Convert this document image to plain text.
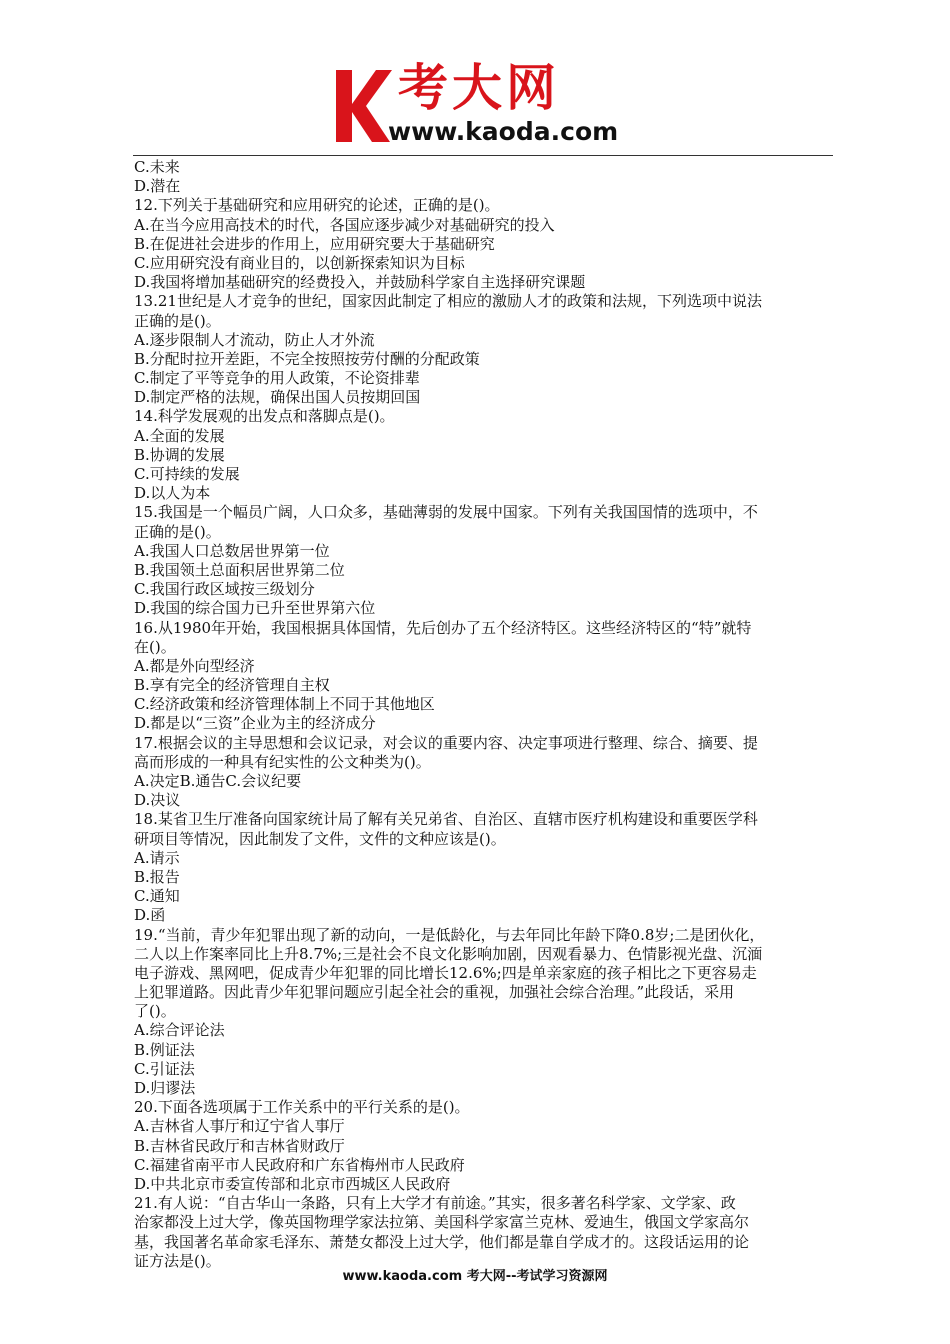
考大网
www.kaoda.com
C.未来
D.潜在
12.下列关于基础研究和应用研究的论述，正确的是()。
A.在当今应用高技术的时代，各国应逐步减少对基础研究的投入
B.在促进社会进步的作用上，应用研究要大于基础研究
C.应用研究没有商业目的，以创新探索知识为目标
D.我国将增加基础研究的经费投入，并鼓励科学家自主选择研究课题
13.21世纪是人才竞争的世纪，国家因此制定了相应的激励人才的政策和法规，下列选项中说法
正确的是()。
A.逐步限制人才流动，防止人才外流
B.分配时拉开差距，不完全按照按劳付酬的分配政策
C.制定了平等竞争的用人政策，不论资排辈
D.制定严格的法规，确保出国人员按期回国
14.科学发展观的出发点和落脚点是()。
A.全面的发展
B.协调的发展
C.可持续的发展
D.以人为本
15.我国是一个幅员广阔，人口众多，基础薄弱的发展中国家。下列有关我国国情的选项中，不
正确的是()。
A.我国人口总数居世界第一位
B.我国领土总面积居世界第二位
C.我国行政区域按三级划分
D.我国的综合国力已升至世界第六位
16.从1980年开始，我国根据具体国情，先后创办了五个经济特区。这些经济特区的“特”就特
在()。
A.都是外向型经济
B.享有完全的经济管理自主权
C.经济政策和经济管理体制上不同于其他地区
D.都是以“三资”企业为主的经济成分
17.根据会议的主导思想和会议记录，对会议的重要内容、决定事项进行整理、综合、摘要、提
高而形成的一种具有纪实性的公文种类为()。
A.决定B.通告C.会议纪要
D.决议
18.某省卫生厅准备向国家统计局了解有关兄弟省、自治区、直辖市医疗机构建设和重要医学科
研项目等情况，因此制发了文件，文件的文种应该是()。
A.请示
B.报告
C.通知
D.函
19.“当前，青少年犯罪出现了新的动向，一是低龄化，与去年同比年龄下降0.8岁;二是团伙化，
二人以上作案率同比上升8.7%;三是社会不良文化影响加剧，因观看暴力、色情影视光盘、沉湎
电子游戏、黑网吧，促成青少年犯罪的同比增长12.6%;四是单亲家庭的孩子相比之下更容易走
上犯罪道路。因此青少年犯罪问题应引起全社会的重视，加强社会综合治理。”此段话，采用
了()。
A.综合评论法
B.例证法
C.引证法
D.归谬法
20.下面各选项属于工作关系中的平行关系的是()。
A.吉林省人事厅和辽宁省人事厅
B.吉林省民政厅和吉林省财政厅
C.福建省南平市人民政府和广东省梅州市人民政府
D.中共北京市委宣传部和北京市西城区人民政府
21.有人说：“自古华山一条路，只有上大学才有前途。”其实，很多著名科学家、文学家、政
治家都没上过大学，像英国物理学家法拉第、美国科学家富兰克林、爱迪生，俄国文学家高尔
基，我国著名革命家毛泽东、萧楚女都没上过大学，他们都是靠自学成才的。这段话运用的论
证方法是()。
www.kaoda.com 考大网--考试学习资源网
